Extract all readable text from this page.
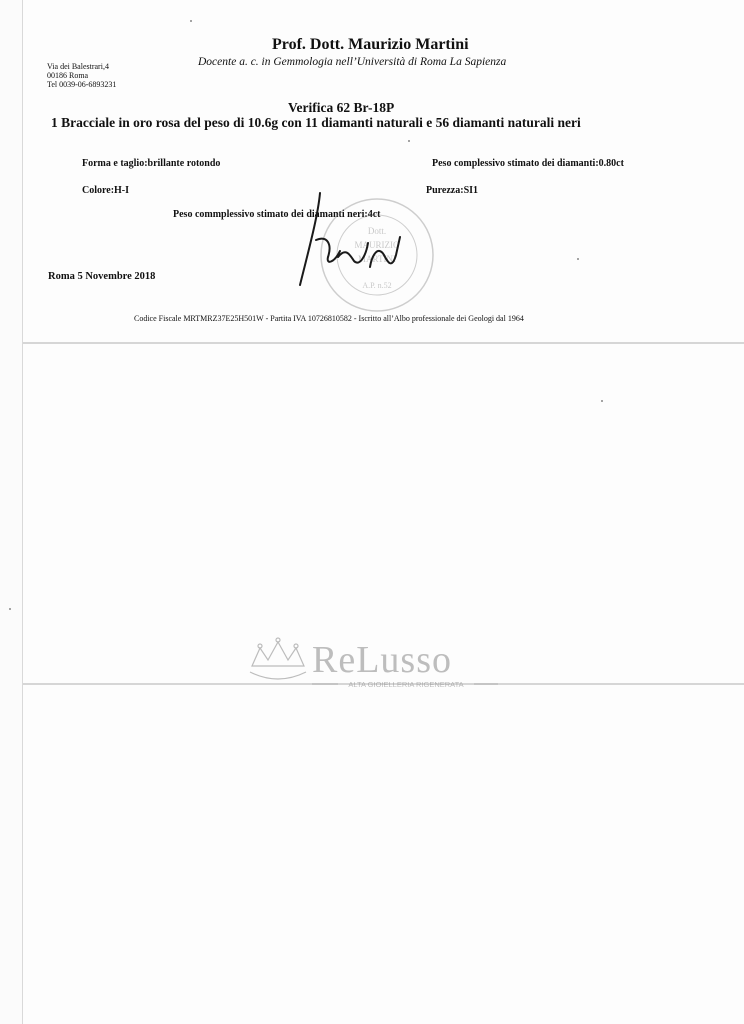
Prof. Dott. Maurizio Martini
Docente a. c. in Gemmologia nell’Università di Roma La Sapienza
Via dei Balestrari,4
00186 Roma
Tel 0039-06-6893231
Verifica 62 Br-18P
1 Bracciale in oro rosa del peso di 10.6g con 11 diamanti naturali e 56 diamanti naturali neri
Forma e taglio:brillante rotondo	Peso complessivo stimato dei diamanti:0.80ct
Colore:H-I	Purezza:SI1
Peso commplessivo stimato dei diamanti neri:4ct
Dott.
MAURIZIO
MARTINI
A.P. n.52
Roma 5 Novembre 2018
Codice Fiscale MRTMRZ37E25H501W - Partita IVA 10726810582 - Iscritto all’Albo professionale dei Geologi dal 1964
ReLusso
ALTA GIOIELLERIA RIGENERATA
